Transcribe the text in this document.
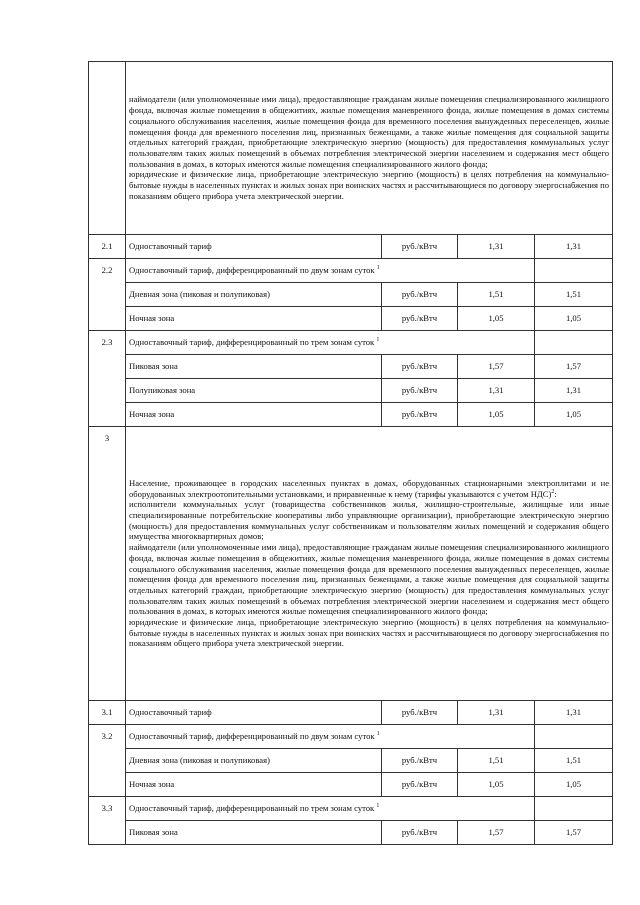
	наймодатели (или уполномоченные ими лица), предоставляющие гражданам жилые помещения специализированного жилищного фонда, включая жилые помещения в общежитиях, жилые помещения маневренного фонда, жилые помещения в домах системы социального обслуживания населения, жилые помещения фонда для временного поселения вынужденных переселенцев, жилые помещения фонда для временного поселения лиц, признанных беженцами, а также жилые помещения для социальной защиты отдельных категорий граждан, приобретающие электрическую энергию (мощность) для предоставления коммунальных услуг пользователям таких жилых помещений в объемах потребления электрической энергии населением и содержания мест общего пользования в домах, в которых имеются жилые помещения специализированного жилого фонда;

юридические и физические лица, приобретающие электрическую энергию (мощность) в целях потребления на коммунально-бытовые нужды в населенных пунктах и жилых зонах при воинских частях и рассчитывающиеся по договору энергоснабжения по показаниям общего прибора учета электрической энергии.			

2.1	Одноставочный тариф	руб./кВтч	1,31	1,31
2.2	Одноставочный тариф, дифференцированный по двум зонам суток $^1$	
	Дневная зона (пиковая и полупиковая)	руб./кВтч	1,51	1,51
	Ночная зона	руб./кВтч	1,05	1,05
2.3	Одноставочный тариф, дифференцированный по трем зонам суток $^1$	
	Пиковая зона	руб./кВтч	1,57	1,57
	Полупиковая зона	руб./кВтч	1,31	1,31
	Ночная зона	руб./кВтч	1,05	1,05
3	Население, проживающее в городских населенных пунктах в домах, оборудованных стационарными электроплитами и не оборудованных электроотопительными установками, и приравненные к нему (тарифы указываются с учетом НДС)$^2$:

исполнители коммунальных услуг (товарищества собственников жилья, жилищно-строительные, жилищные или иные специализированные потребительские кооперативы либо управляющие организации), приобретающие электрическую энергию (мощность) для предоставления коммунальных услуг собственникам и пользователям жилых помещений и содержания общего имущества многоквартирных домов;

наймодатели (или уполномоченные ими лица), предоставляющие гражданам жилые помещения специализированного жилищного фонда, включая жилые помещения в общежитиях, жилые помещения маневренного фонда, жилые помещения в домах системы социального обслуживания населения, жилые помещения фонда для временного поселения вынужденных переселенцев, жилые помещения фонда для временного поселения лиц, признанных беженцами, а также жилые помещения для социальной защиты отдельных категорий граждан, приобретающие электрическую энергию (мощность) для предоставления коммунальных услуг пользователям таких жилых помещений в объемах потребления электрической энергии населением и содержания мест общего пользования в домах, в которых имеются жилые помещения специализированного жилого фонда;

юридические и физические лица, приобретающие электрическую энергию (мощность) в целях потребления на коммунально-бытовые нужды в населенных пунктах и жилых зонах при воинских частях и рассчитывающиеся по договору энергоснабжения по показаниям общего прибора учета электрической энергии.			

3.1	Одноставочный тариф	руб./кВтч	1,31	1,31
3.2	Одноставочный тариф, дифференцированный по двум зонам суток $^1$	
	Дневная зона (пиковая и полупиковая)	руб./кВтч	1,51	1,51
	Ночная зона	руб./кВтч	1,05	1,05
3.3	Одноставочный тариф, дифференцированный по трем зонам суток $^1$	
	Пиковая зона	руб./кВтч	1,57	1,57
